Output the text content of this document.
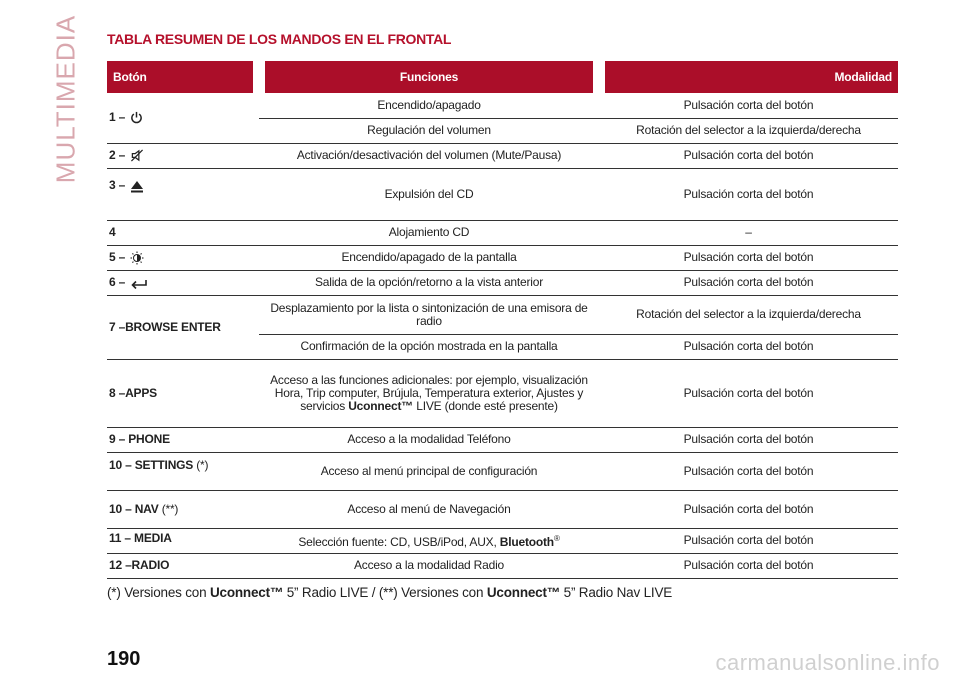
MULTIMEDIA TABLA RESUMEN DE LOS MANDOS EN EL FRONTAL
Botón	Funciones	Modalidad
1 –	Encendido/apagado	Pulsación corta del botón
	Regulación del volumen	Rotación del selector a la izquierda/derecha
2 –	Activación/desactivación del volumen (Mute/Pausa)	Pulsación corta del botón
3 –	Expulsión del CD	Pulsación corta del botón
4	Alojamiento CD	–
5 –	Encendido/apagado de la pantalla	Pulsación corta del botón
6 –	Salida de la opción/retorno a la vista anterior	Pulsación corta del botón
7 –BROWSE ENTER	Desplazamiento por la lista o sintonización de una emisora de radio	Rotación del selector a la izquierda/derecha
	Confirmación de la opción mostrada en la pantalla	Pulsación corta del botón
8 –APPS	Acceso a las funciones adicionales: por ejemplo, visualización Hora, Trip computer, Brújula, Temperatura exterior, Ajustes y servicios Uconnect™ LIVE (donde esté presente)	Pulsación corta del botón
9 – PHONE	Acceso a la modalidad Teléfono	Pulsación corta del botón
10 – SETTINGS (*)	Acceso al menú principal de configuración	Pulsación corta del botón
10 – NAV (**)	Acceso al menú de Navegación	Pulsación corta del botón
11 – MEDIA	Selección fuente: CD, USB/iPod, AUX, Bluetooth®	Pulsación corta del botón
12 –RADIO	Acceso a la modalidad Radio	Pulsación corta del botón
(*) Versiones con Uconnect™ 5” Radio LIVE / (**) Versiones con Uconnect™ 5” Radio Nav LIVE
190	carmanualsonline.info
